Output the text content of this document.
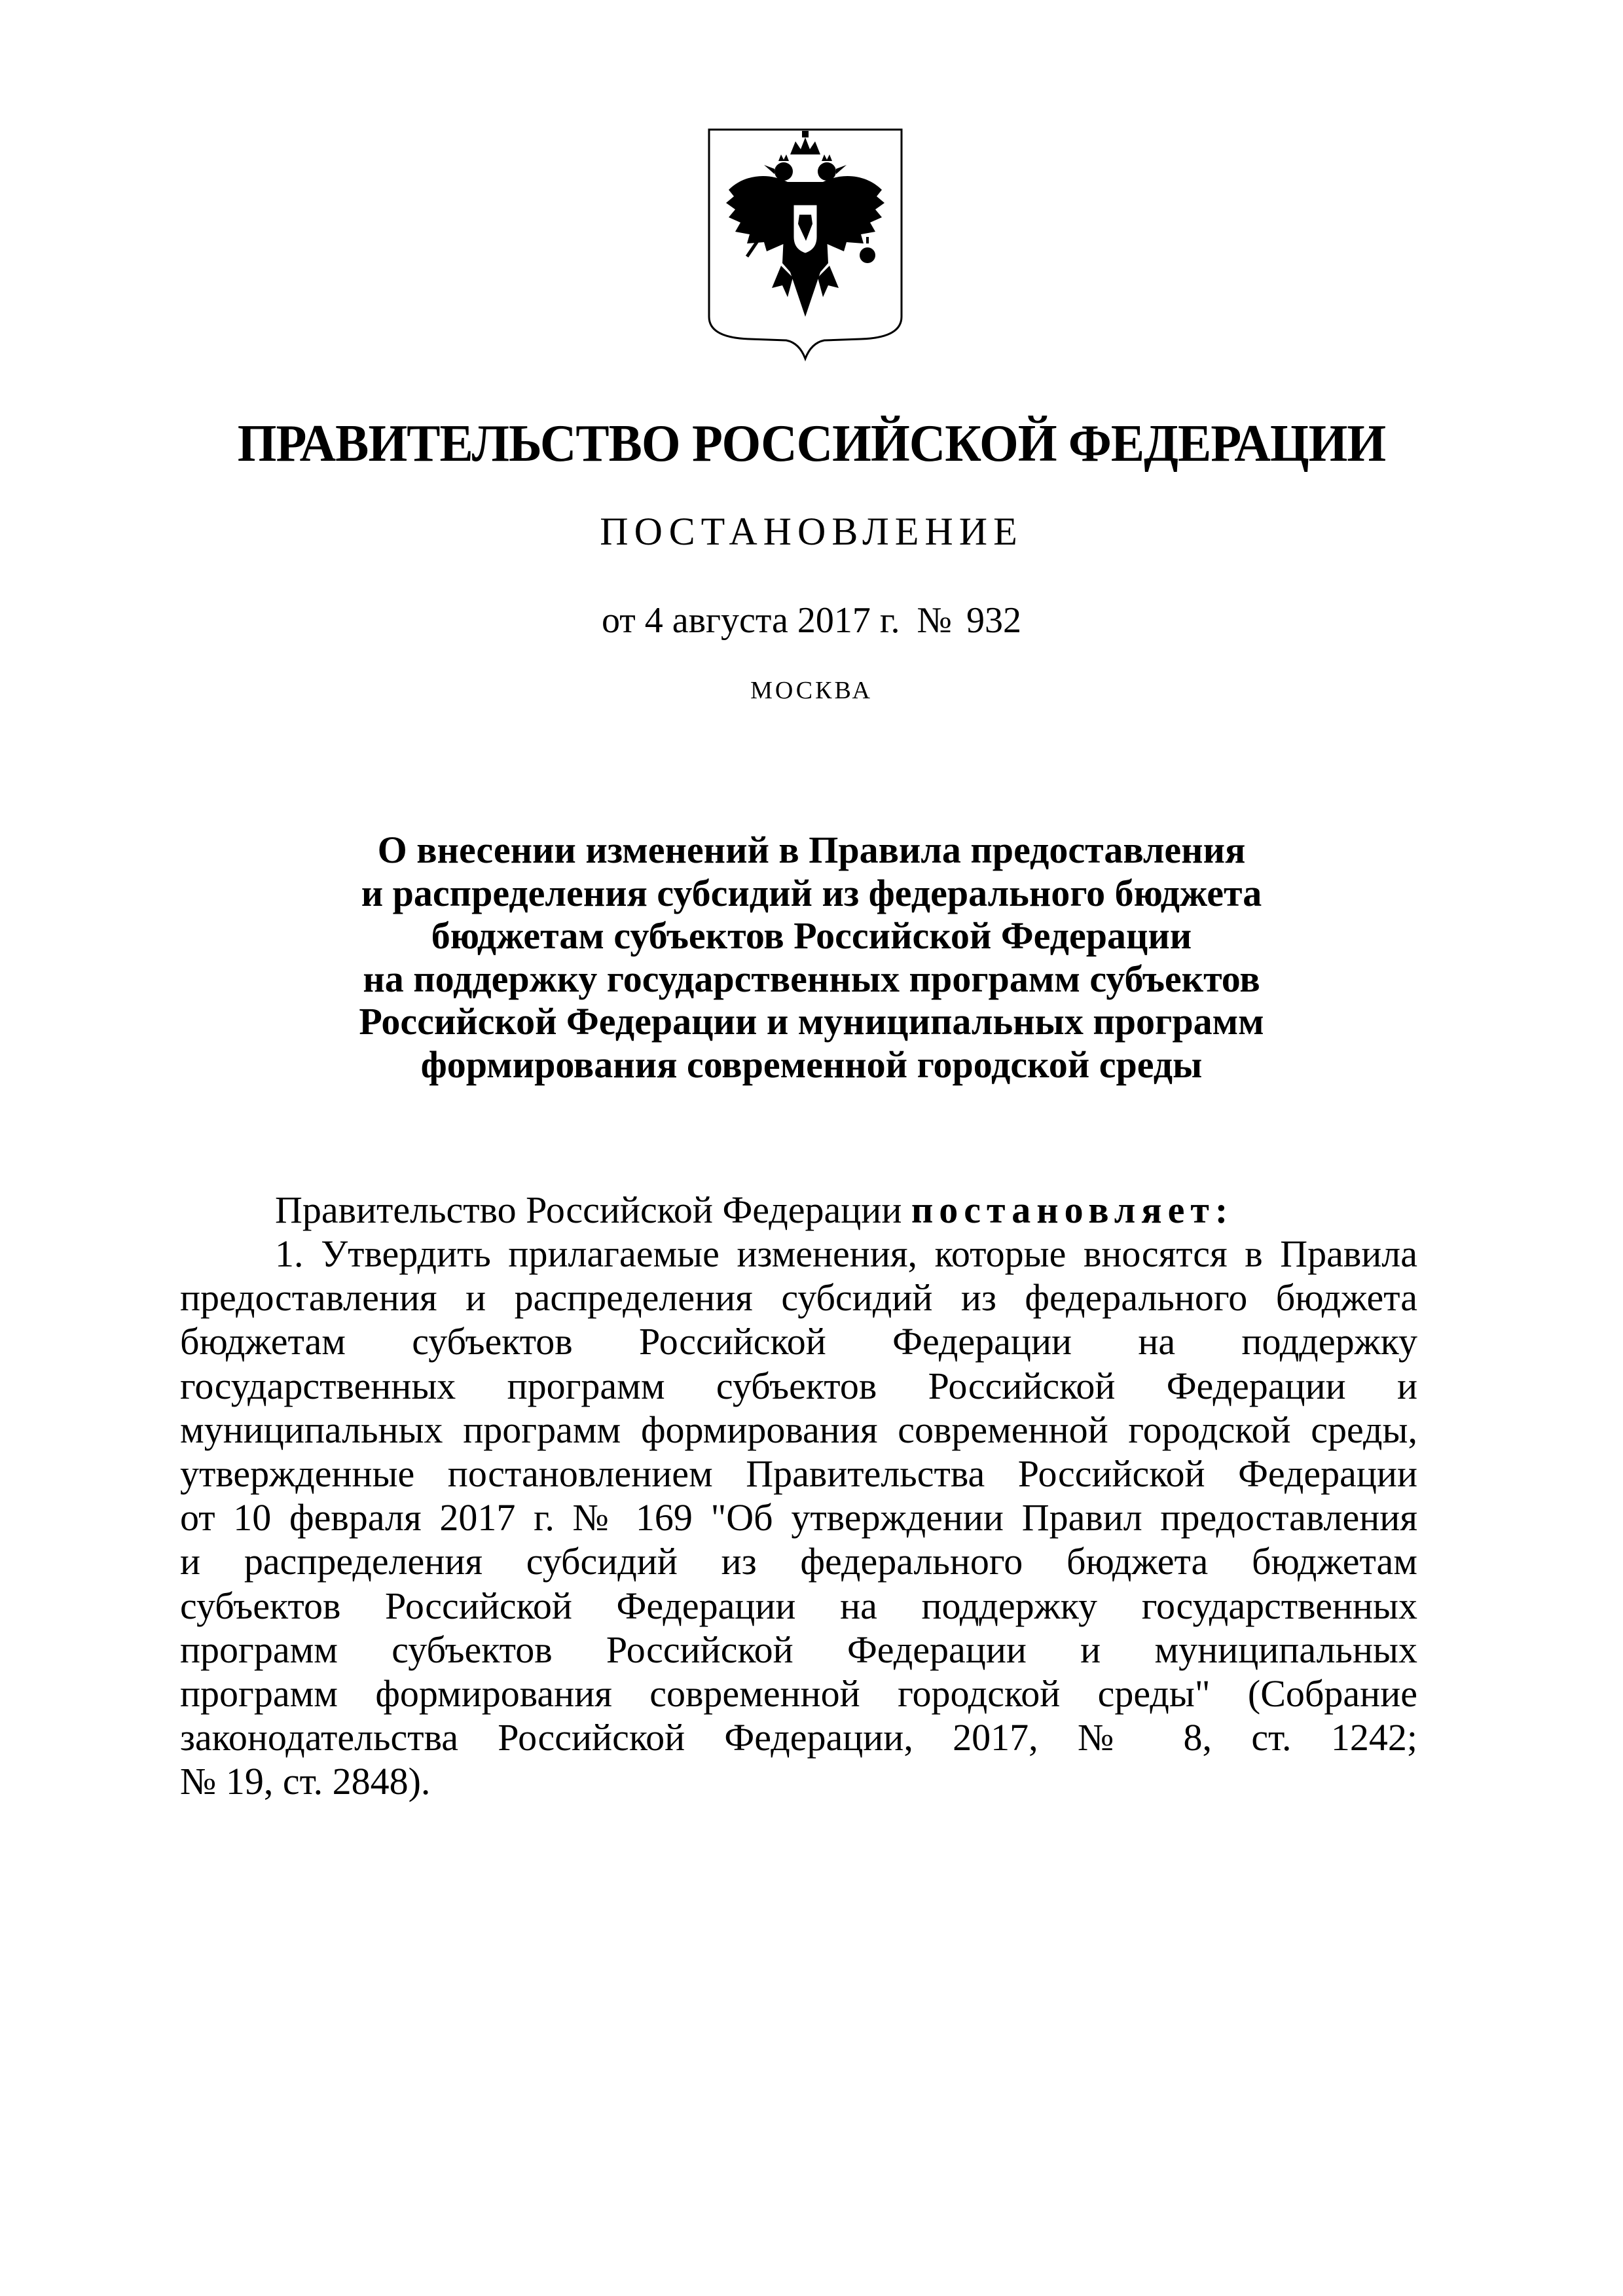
ПРАВИТЕЛЬСТВО РОССИЙСКОЙ ФЕДЕРАЦИИ
ПОСТАНОВЛЕНИЕ
от 4 августа 2017 г. № 932
МОСКВА
О внесении изменений в Правила предоставления
и распределения субсидий из федерального бюджета
бюджетам субъектов Российской Федерации
на поддержку государственных программ субъектов
Российской Федерации и муниципальных программ
формирования современной городской среды
Правительство Российской Федерации постановляет:
1. Утвердить прилагаемые изменения, которые вносятся в Правила
предоставления и распределения субсидий из федерального бюджета
бюджетам субъектов Российской Федерации на поддержку
государственных программ субъектов Российской Федерации и
муниципальных программ формирования современной городской среды,
утвержденные постановлением Правительства Российской Федерации
от 10 февраля 2017 г. № 169 "Об утверждении Правил предоставления
и распределения субсидий из федерального бюджета бюджетам
субъектов Российской Федерации на поддержку государственных
программ субъектов Российской Федерации и муниципальных
программ формирования современной городской среды" (Собрание
законодательства Российской Федерации, 2017, № 8, ст. 1242;
№ 19, ст. 2848).
